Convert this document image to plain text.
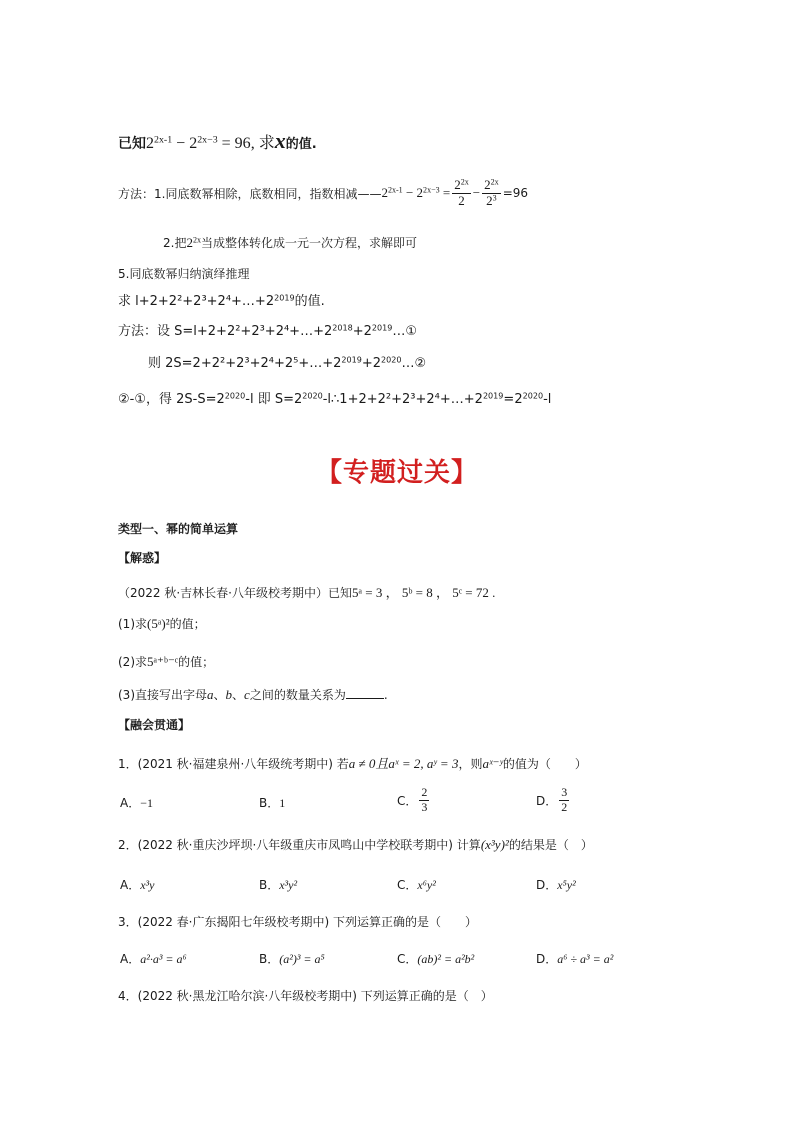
已知$2^{2x-1} - 2^{2x-3} = 96$, 求x的值.
方法：1.同底数幂相除，底数相同，指数相减—— $2^{2x-1} - 2^{2x-3} = \frac{2^{2x}}{2} - \frac{2^{2x}}{2^3} =96$
2.把$2^{2x}$当成整体转化成一元一次方程，求解即可
5.同底数幂归纳演绎推理
求 $l+2+2^2+2^3+2^4+\dots+2^{2019}$的值.
方法：设 $S=l+2+2^2+2^3+2^4+\dots+2^{2018}+2^{2019}\dots ①$
则 $2S=2+2^2+2^3+2^4+2^5+\dots+2^{2019}+2^{2020}\dots ②$
②-①，得 $2S-S=2^{2020}-l$ 即 $S=2^{2020}-l\therefore 1+2+2^2+2^3+2^4+\dots+2^{2019}=2^{2020}-l$
【专题过关】
类型一、幂的简单运算
【解惑】
（2022 秋·吉林长春·八年级校考期中）已知5ᵃ = 3 ， 5ᵇ = 8 ， 5ᶜ = 72 .
(1)求(5ᵃ)²的值；
(2)求5ᵃ⁺ᵇ⁻ᶜ的值；
(3)直接写出字母a、b、c之间的数量关系为	.
【融会贯通】
1．(2021 秋·福建泉州·八年级统考期中) 若a ≠ 0且aˣ = 2, aʸ = 3，则aˣ⁻ʸ的值为（　　）
A．−1	B．1	C． $\frac{2}{3}$	D． $\frac{3}{2}$
2．(2022 秋·重庆沙坪坝·八年级重庆市凤鸣山中学校联考期中) 计算(x³y)²的结果是（　）
A．x³y	B．x³y²	C．x⁶y²	D．x⁵y²
3．(2022 春·广东揭阳七年级校考期中) 下列运算正确的是（　　）
A．a²·a³ = a⁶	B．(a²)³ = a⁵	C．(ab)² = a²b²	D．a⁶ ÷ a³ = a²
4．(2022 秋·黑龙江哈尔滨·八年级校考期中) 下列运算正确的是（　）
